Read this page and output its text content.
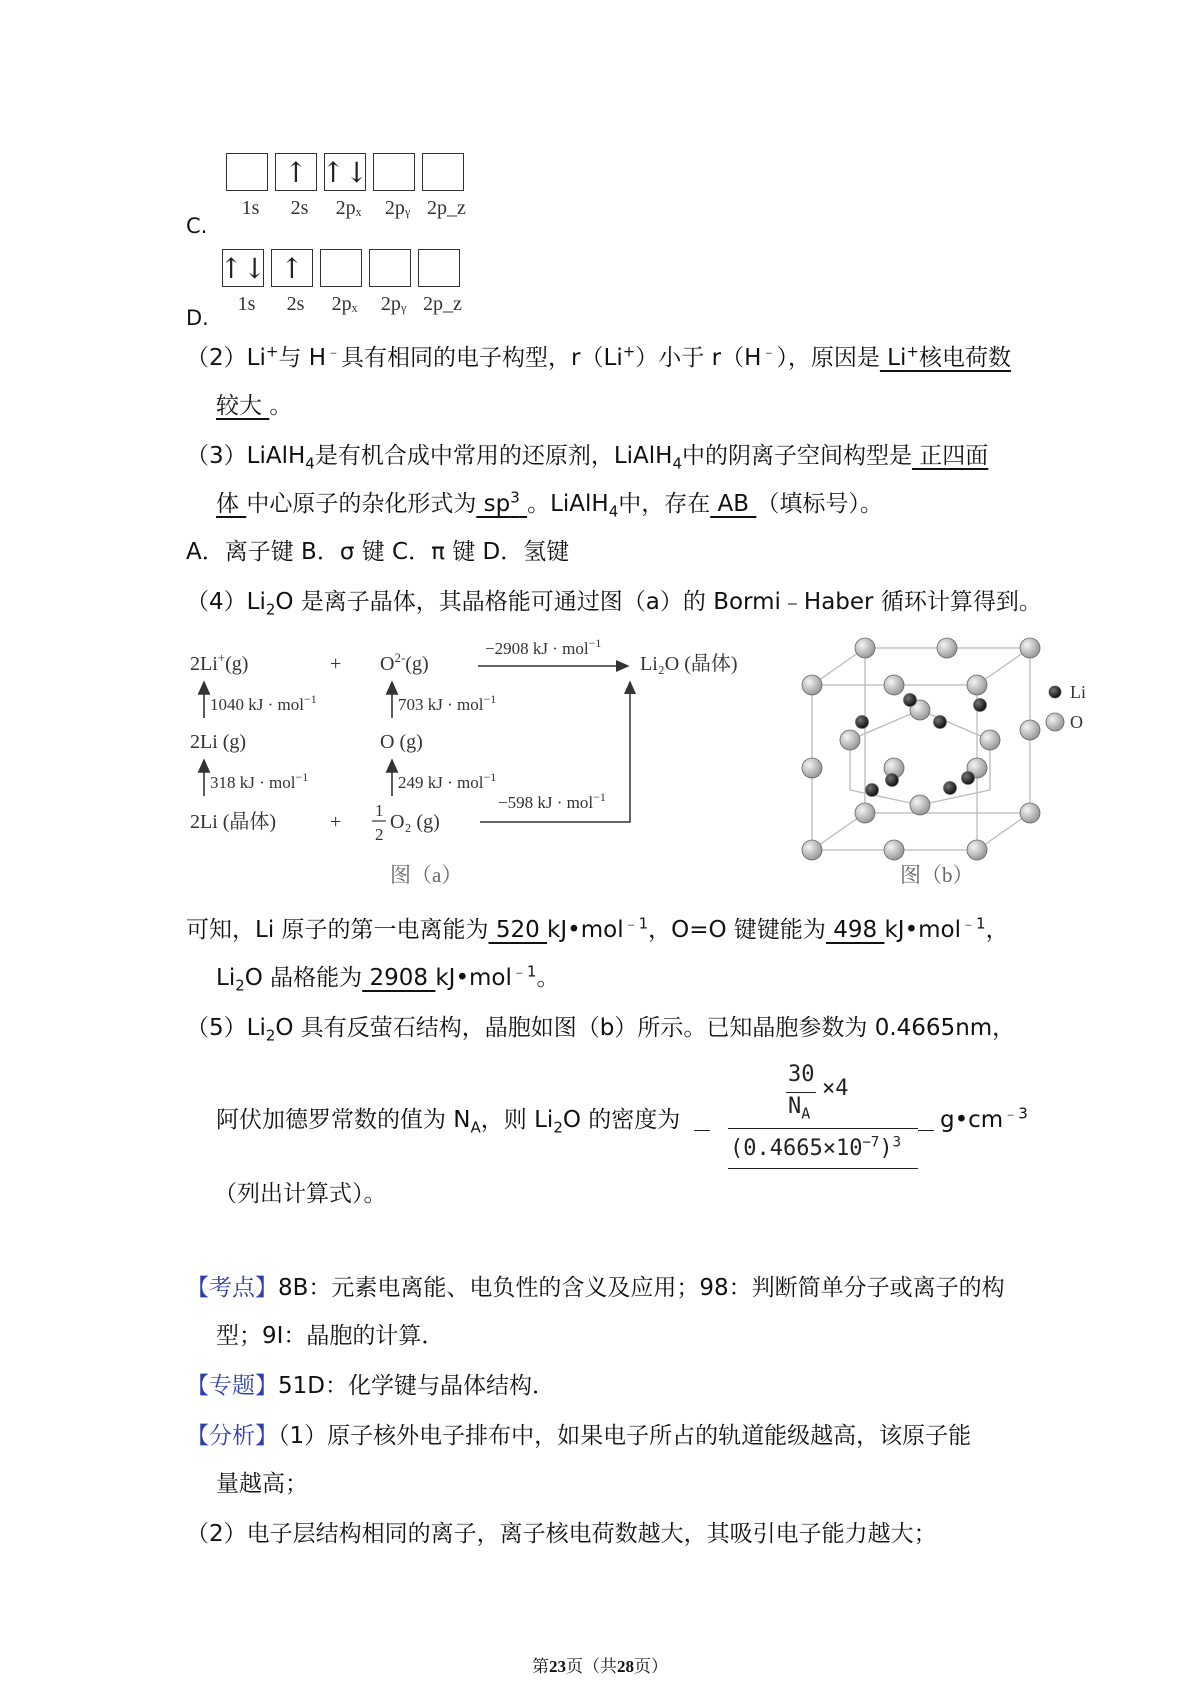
↑ ↑↓
1s	2s	2pₓ	2pᵧ 2p_z
C.
↑↓ ↑
1s	2s	2pₓ	2pᵧ 2p_z
D.
（2）Li+与 H﹣具有相同的电子构型，r（Li+）小于 r（H﹣），原因是 Li+核电荷数
较大 。
（3）LiAlH$_4$是有机合成中常用的还原剂，LiAlH$_4$中的阴离子空间构型是 正四面
体 中心原子的杂化形式为 $sp^3$ 。LiAlH$_4$中，存在 AB （填标号）。
A．离子键 B．σ 键 C．π 键 D．氢键
$(4)Li_2O$ 是离子晶体，其晶格能可通过图（a）的 Bormi﹣Haber 循环计算得到。
2Li+(g)	+ $O^{2-}(g)$
−2908 kJ · mol$^{-1}$
Li₂O (晶体)
1040 kJ · mol$^{-1}$	703 kJ · mol$^{-1}$
2Li (g)	O (g)
318 kJ · mol$^{-1}$	249 kJ · mol$^{-1}$
2Li (晶体)	+
1
2
O₂ (g)
−598 kJ · mol$^{-1}$
图（a）
Li
O
图（b）
可知，Li 原子的第一电离能为 520 kJ•mol$^{﹣1}$，O=O 键键能为 498 kJ•mol$^{﹣1}$，
$Li_2O$ 晶格能为 2908 kJ•mol$^{﹣1}$。
$(5)Li_2O$ 具有反萤石结构，晶胞如图（b）所示。已知晶胞参数为 0.4665nm，
阿伏加德罗常数的值为 $N_A$，则 $Li_2O$ 的密度为
30
$N_A$
×4
$(0.4665\times 10^{-7})^3$
$g•cm^{﹣3}$
（列出计算式）。
【考点】8B：元素电离能、电负性的含义及应用；98：判断简单分子或离子的构
型；9I：晶胞的计算．
【专题】51D：化学键与晶体结构．
【分析】（1）原子核外电子排布中，如果电子所占的轨道能级越高，该原子能
量越高；
（2）电子层结构相同的离子，离子核电荷数越大，其吸引电子能力越大；
第23页（共28页）
